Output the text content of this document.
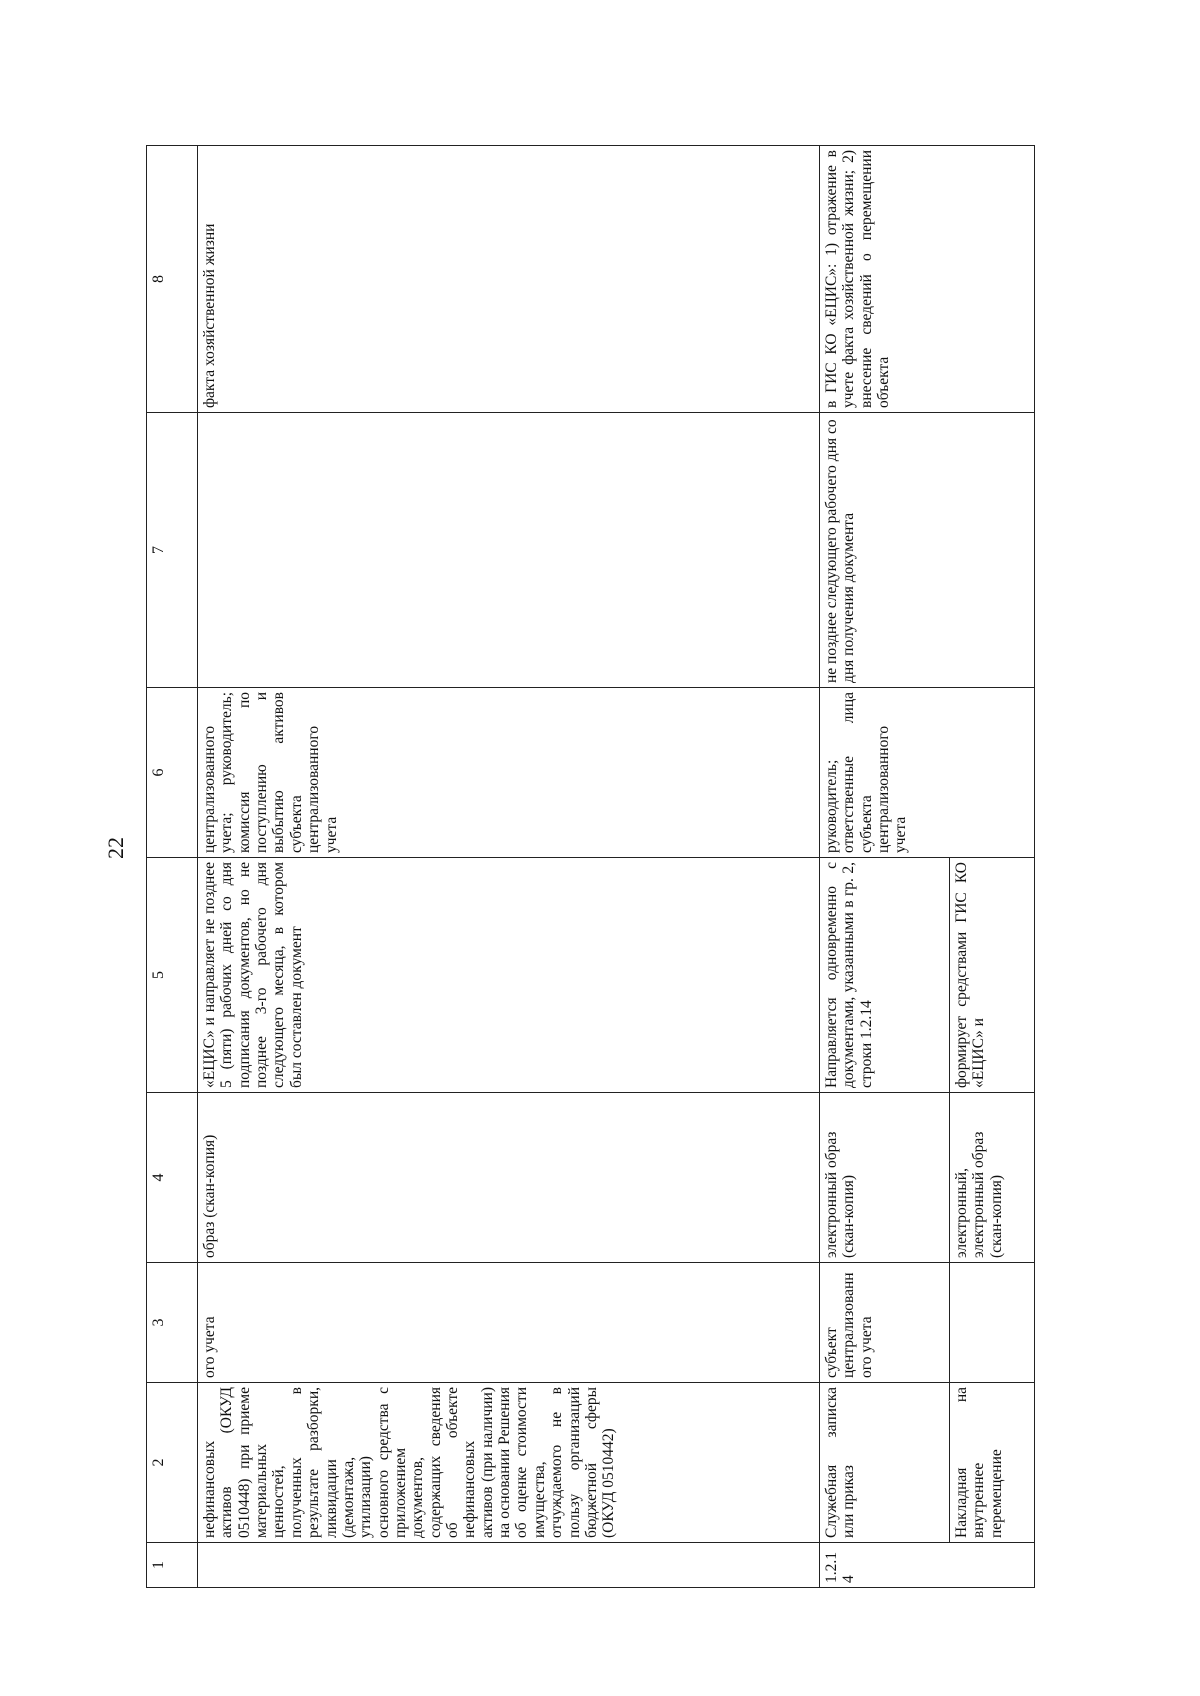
22
1	2	3	4	5	6	7	8
	нефинансовых активов (ОКУД 0510448) при приеме материальных ценностей, полученных в результате разборки, ликвидации (демонтажа, утилизации) основного средства с приложением документов, содержащих сведения об объекте нефинансовых активов (при наличии) на основании Решения об оценке стоимости имущества, отчуждаемого не в пользу организаций бюджетной сферы (ОКУД 0510442)	ого учета	образ (скан-копия)	«ЕЦИС» и направляет не позднее 5 (пяти) рабочих дней со дня подписания документов, но не позднее 3-го рабочего дня следующего месяца, в котором был составлен документ	централизованного учета; руководитель; комиссия по поступлению и выбытию активов субъекта централизованного учета		факта хозяйственной жизни
1.2.14	Служебная записка или приказ	субъект централизованного учета	электронный образ (скан-копия)	Направляется одновременно с документами, указанными в гр. 2, строки 1.2.14	руководитель; ответственные лица субъекта централизованного учета	не позднее следующего рабочего дня со дня получения документа	в ГИС КО «ЕЦИС»: 1) отражение в учете факта хозяйственной жизни; 2) внесение сведений о перемещении объекта
	Накладная на внутреннее перемещение		электронный, электронный образ (скан-копия)	формирует средствами ГИС КО «ЕЦИС» и			
